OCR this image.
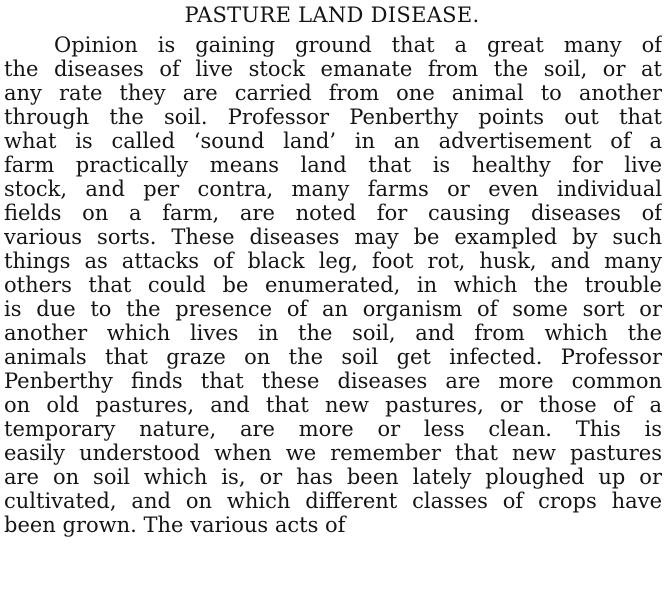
PASTURE LAND DISEASE.
Opinion is gaining ground that a great many of
the diseases of live stock emanate from the soil, or at
any rate they are carried from one animal to another
through the soil. Professor Penberthy points out that
what is called ‘sound land’ in an advertisement of a
farm practically means land that is healthy for live
stock, and per contra, many farms or even individual
fields on a farm, are noted for causing diseases of
various sorts. These diseases may be exampled by such
things as attacks of black leg, foot rot, husk, and many
others that could be enumerated, in which the trouble
is due to the presence of an organism of some sort or
another which lives in the soil, and from which the
animals that graze on the soil get infected. Professor
Penberthy finds that these diseases are more common
on old pastures, and that new pastures, or those of a
temporary nature, are more or less clean. This is
easily understood when we remember that new pastures
are on soil which is, or has been lately ploughed up or
cultivated, and on which different classes of crops have
been grown. The various acts of
